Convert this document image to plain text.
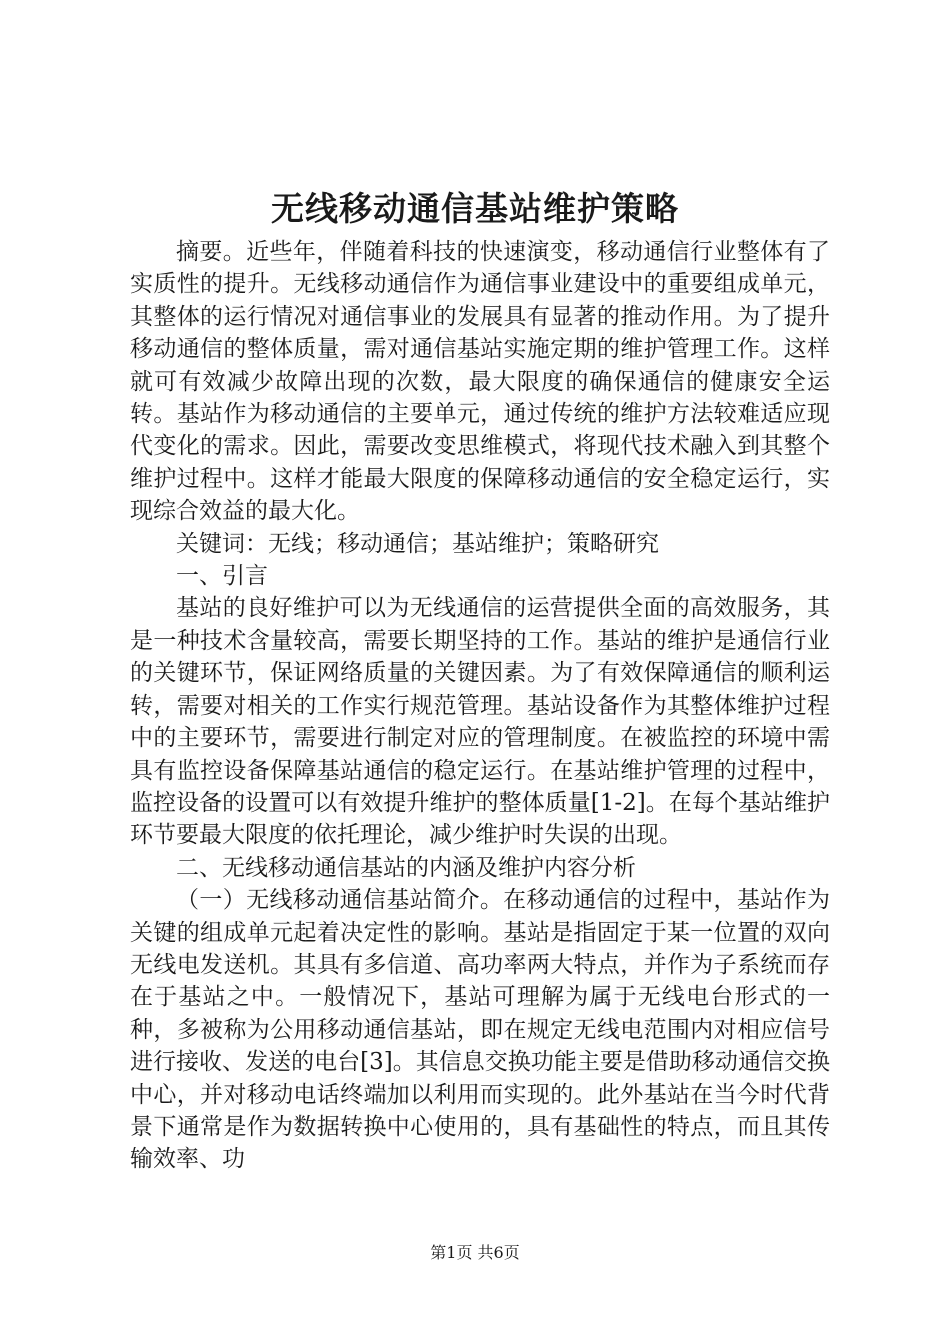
无线移动通信基站维护策略

摘要。近些年，伴随着科技的快速演变，移动通信行业整体有了实质性的提升。无线移动通信作为通信事业建设中的重要组成单元，其整体的运行情况对通信事业的发展具有显著的推动作用。为了提升移动通信的整体质量，需对通信基站实施定期的维护管理工作。这样就可有效减少故障出现的次数，最大限度的确保通信的健康安全运转。基站作为移动通信的主要单元，通过传统的维护方法较难适应现代变化的需求。因此，需要改变思维模式，将现代技术融入到其整个维护过程中。这样才能最大限度的保障移动通信的安全稳定运行，实现综合效益的最大化。

关键词：无线；移动通信；基站维护；策略研究

一、引言

基站的良好维护可以为无线通信的运营提供全面的高效服务，其是一种技术含量较高，需要长期坚持的工作。基站的维护是通信行业的关键环节，保证网络质量的关键因素。为了有效保障通信的顺利运转，需要对相关的工作实行规范管理。基站设备作为其整体维护过程中的主要环节，需要进行制定对应的管理制度。在被监控的环境中需具有监控设备保障基站通信的稳定运行。在基站维护管理的过程中，监控设备的设置可以有效提升维护的整体质量[1-2]。在每个基站维护环节要最大限度的依托理论，减少维护时失误的出现。

二、无线移动通信基站的内涵及维护内容分析

（一）无线移动通信基站简介。在移动通信的过程中，基站作为关键的组成单元起着决定性的影响。基站是指固定于某一位置的双向无线电发送机。其具有多信道、高功率两大特点，并作为子系统而存在于基站之中。一般情况下，基站可理解为属于无线电台形式的一种，多被称为公用移动通信基站，即在规定无线电范围内对相应信号进行接收、发送的电台[3]。其信息交换功能主要是借助移动通信交换中心，并对移动电话终端加以利用而实现的。此外基站在当今时代背景下通常是作为数据转换中心使用的，具有基础性的特点，而且其传输效率、功

第1页 共6页
